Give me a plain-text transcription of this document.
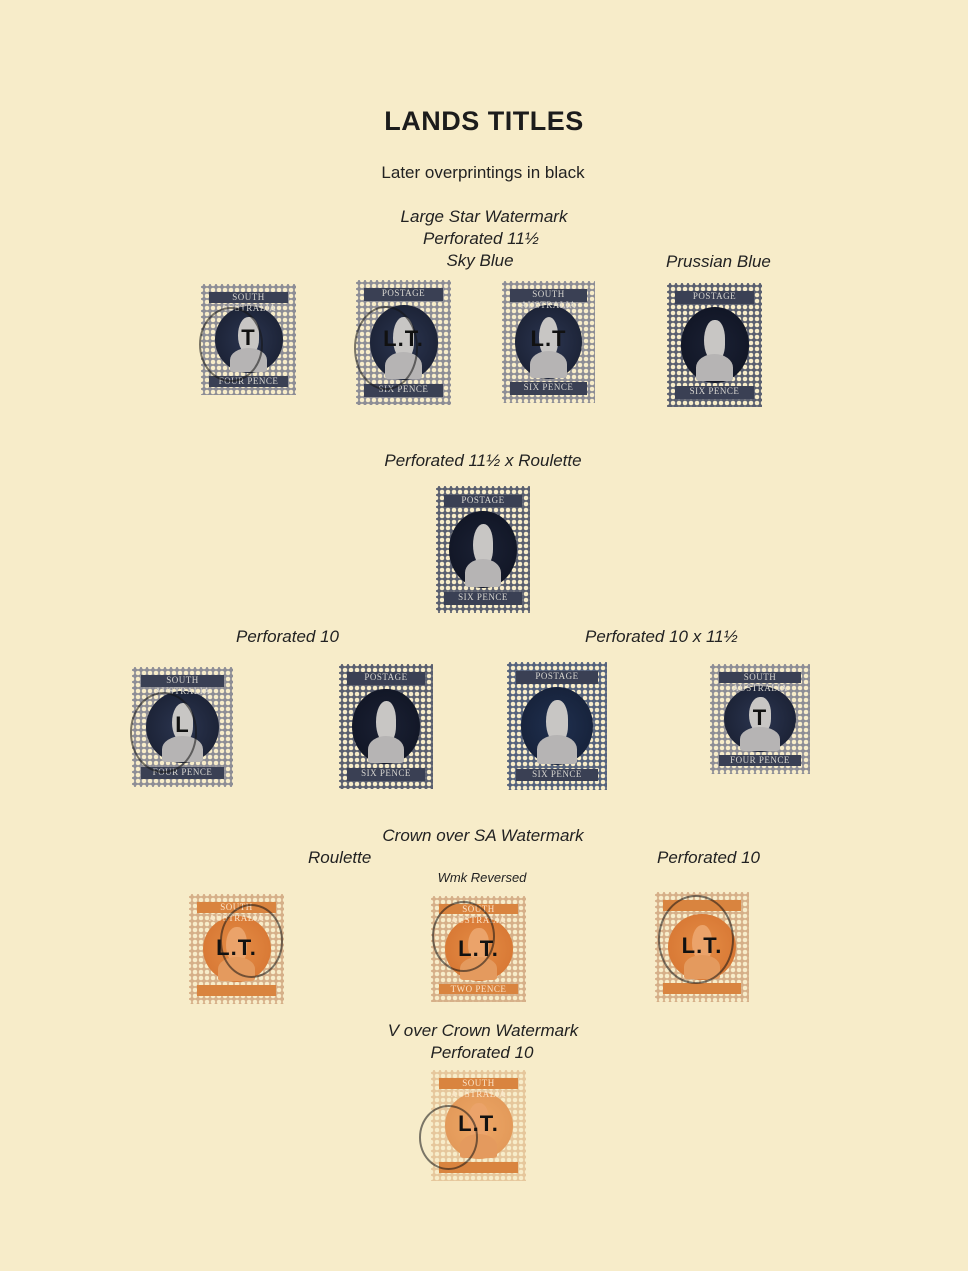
LANDS TITLES
Later overprintings in black
Large Star Watermark
Perforated 11½
Sky Blue	Prussian Blue
Perforated 11½ x Roulette
Perforated 10	Perforated 10 x 11½
Crown over SA Watermark
Roulette
Wmk Reversed
Perforated 10
V over Crown Watermark
Perforated 10
SOUTH AUSTRALIA
FOUR PENCE
T
POSTAGE
SIX PENCE
L.T.
SOUTH AUSTRALIA
SIX PENCE
L.T
POSTAGE
SIX PENCE
POSTAGE
SIX PENCE
SOUTH AUSTRALIA
FOUR PENCE
L
POSTAGE
SIX PENCE
POSTAGE
SIX PENCE
SOUTH AUSTRALIA
FOUR PENCE
T
SOUTH AUSTRALIA
L.T.
SOUTH AUSTRALIA
TWO PENCE
L.T.	L.T.
SOUTH AUSTRALIA
L.T.
